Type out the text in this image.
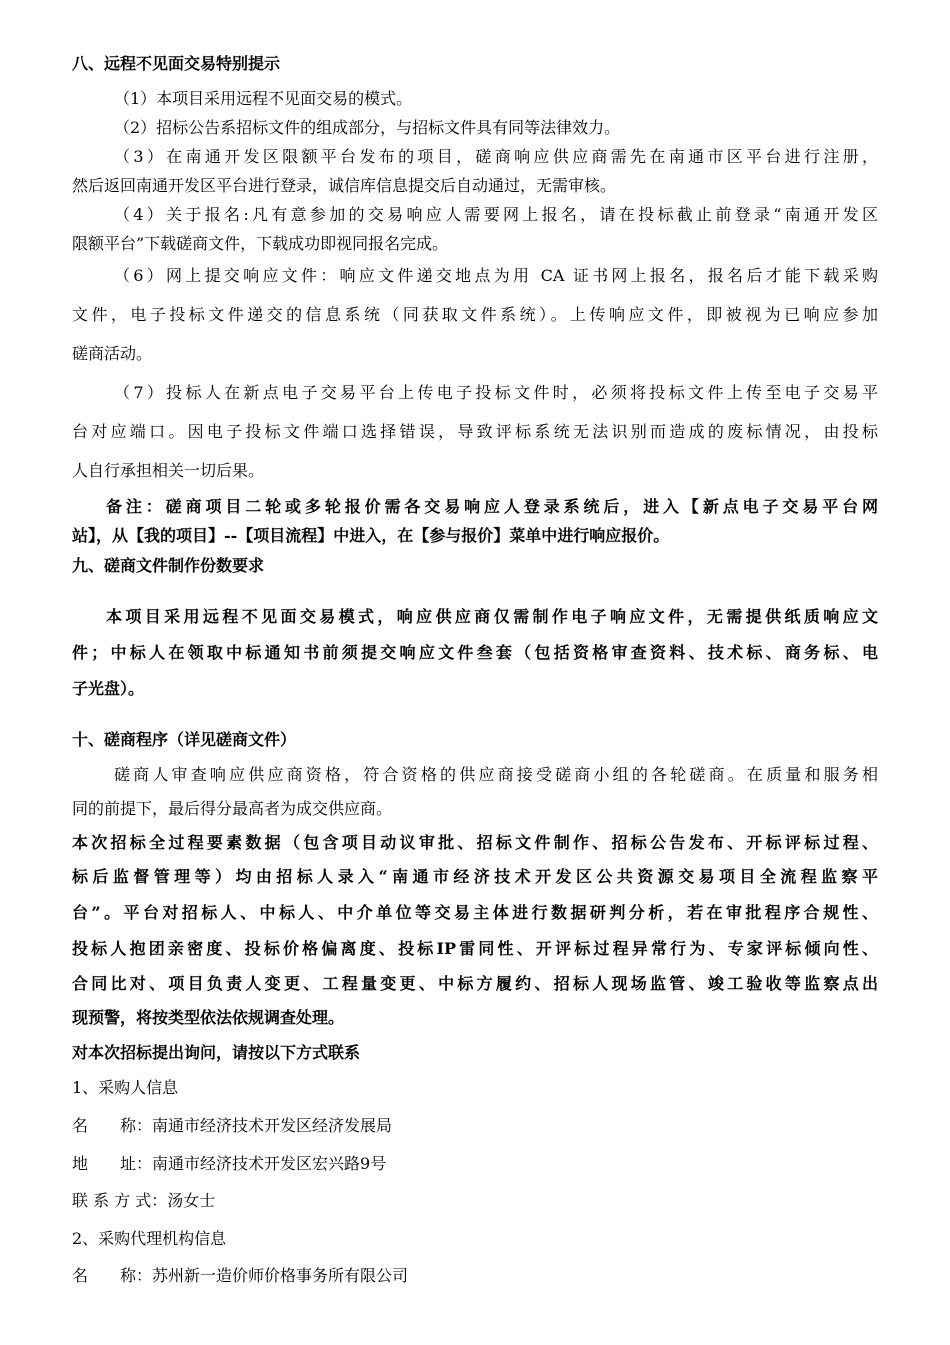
八、远程不见面交易特别提示
（1）本项目采用远程不见面交易的模式。
（2）招标公告系招标文件的组成部分，与招标文件具有同等法律效力。
（3）在南通开发区限额平台发布的项目，磋商响应供应商需先在南通市区平台进行注册，
然后返回南通开发区平台进行登录，诚信库信息提交后自动通过，无需审核。
（4）关于报名:凡有意参加的交易响应人需要网上报名，请在投标截止前登录“南通开发区
限额平台”下载磋商文件，下载成功即视同报名完成。
（6）网上提交响应文件：响应文件递交地点为用 CA 证书网上报名，报名后才能下载采购
文件，电子投标文件递交的信息系统（同获取文件系统）。上传响应文件，即被视为已响应参加
磋商活动。
（7）投标人在新点电子交易平台上传电子投标文件时，必须将投标文件上传至电子交易平
台对应端口。因电子投标文件端口选择错误，导致评标系统无法识别而造成的废标情况，由投标
人自行承担相关一切后果。
备注：磋商项目二轮或多轮报价需各交易响应人登录系统后，进入【新点电子交易平台网
站】，从【我的项目】--【项目流程】中进入，在【参与报价】菜单中进行响应报价。
九、磋商文件制作份数要求
本项目采用远程不见面交易模式，响应供应商仅需制作电子响应文件，无需提供纸质响应文
件；中标人在领取中标通知书前须提交响应文件叁套（包括资格审查资料、技术标、商务标、电
子光盘）。
十、磋商程序（详见磋商文件）
磋商人审查响应供应商资格，符合资格的供应商接受磋商小组的各轮磋商。在质量和服务相
同的前提下，最后得分最高者为成交供应商。
本次招标全过程要素数据（包含项目动议审批、招标文件制作、招标公告发布、开标评标过程、
标后监督管理等）均由招标人录入“南通市经济技术开发区公共资源交易项目全流程监察平
台”。平台对招标人、中标人、中介单位等交易主体进行数据研判分析，若在审批程序合规性、
投标人抱团亲密度、投标价格偏离度、投标IP雷同性、开评标过程异常行为、专家评标倾向性、
合同比对、项目负责人变更、工程量变更、中标方履约、招标人现场监管、竣工验收等监察点出
现预警，将按类型依法依规调查处理。
对本次招标提出询问，请按以下方式联系
1、采购人信息
名　　称：南通市经济技术开发区经济发展局
地　　址：南通市经济技术开发区宏兴路9号
联 系 方 式：汤女士
2、采购代理机构信息
名　　称：苏州新一造价师价格事务所有限公司
